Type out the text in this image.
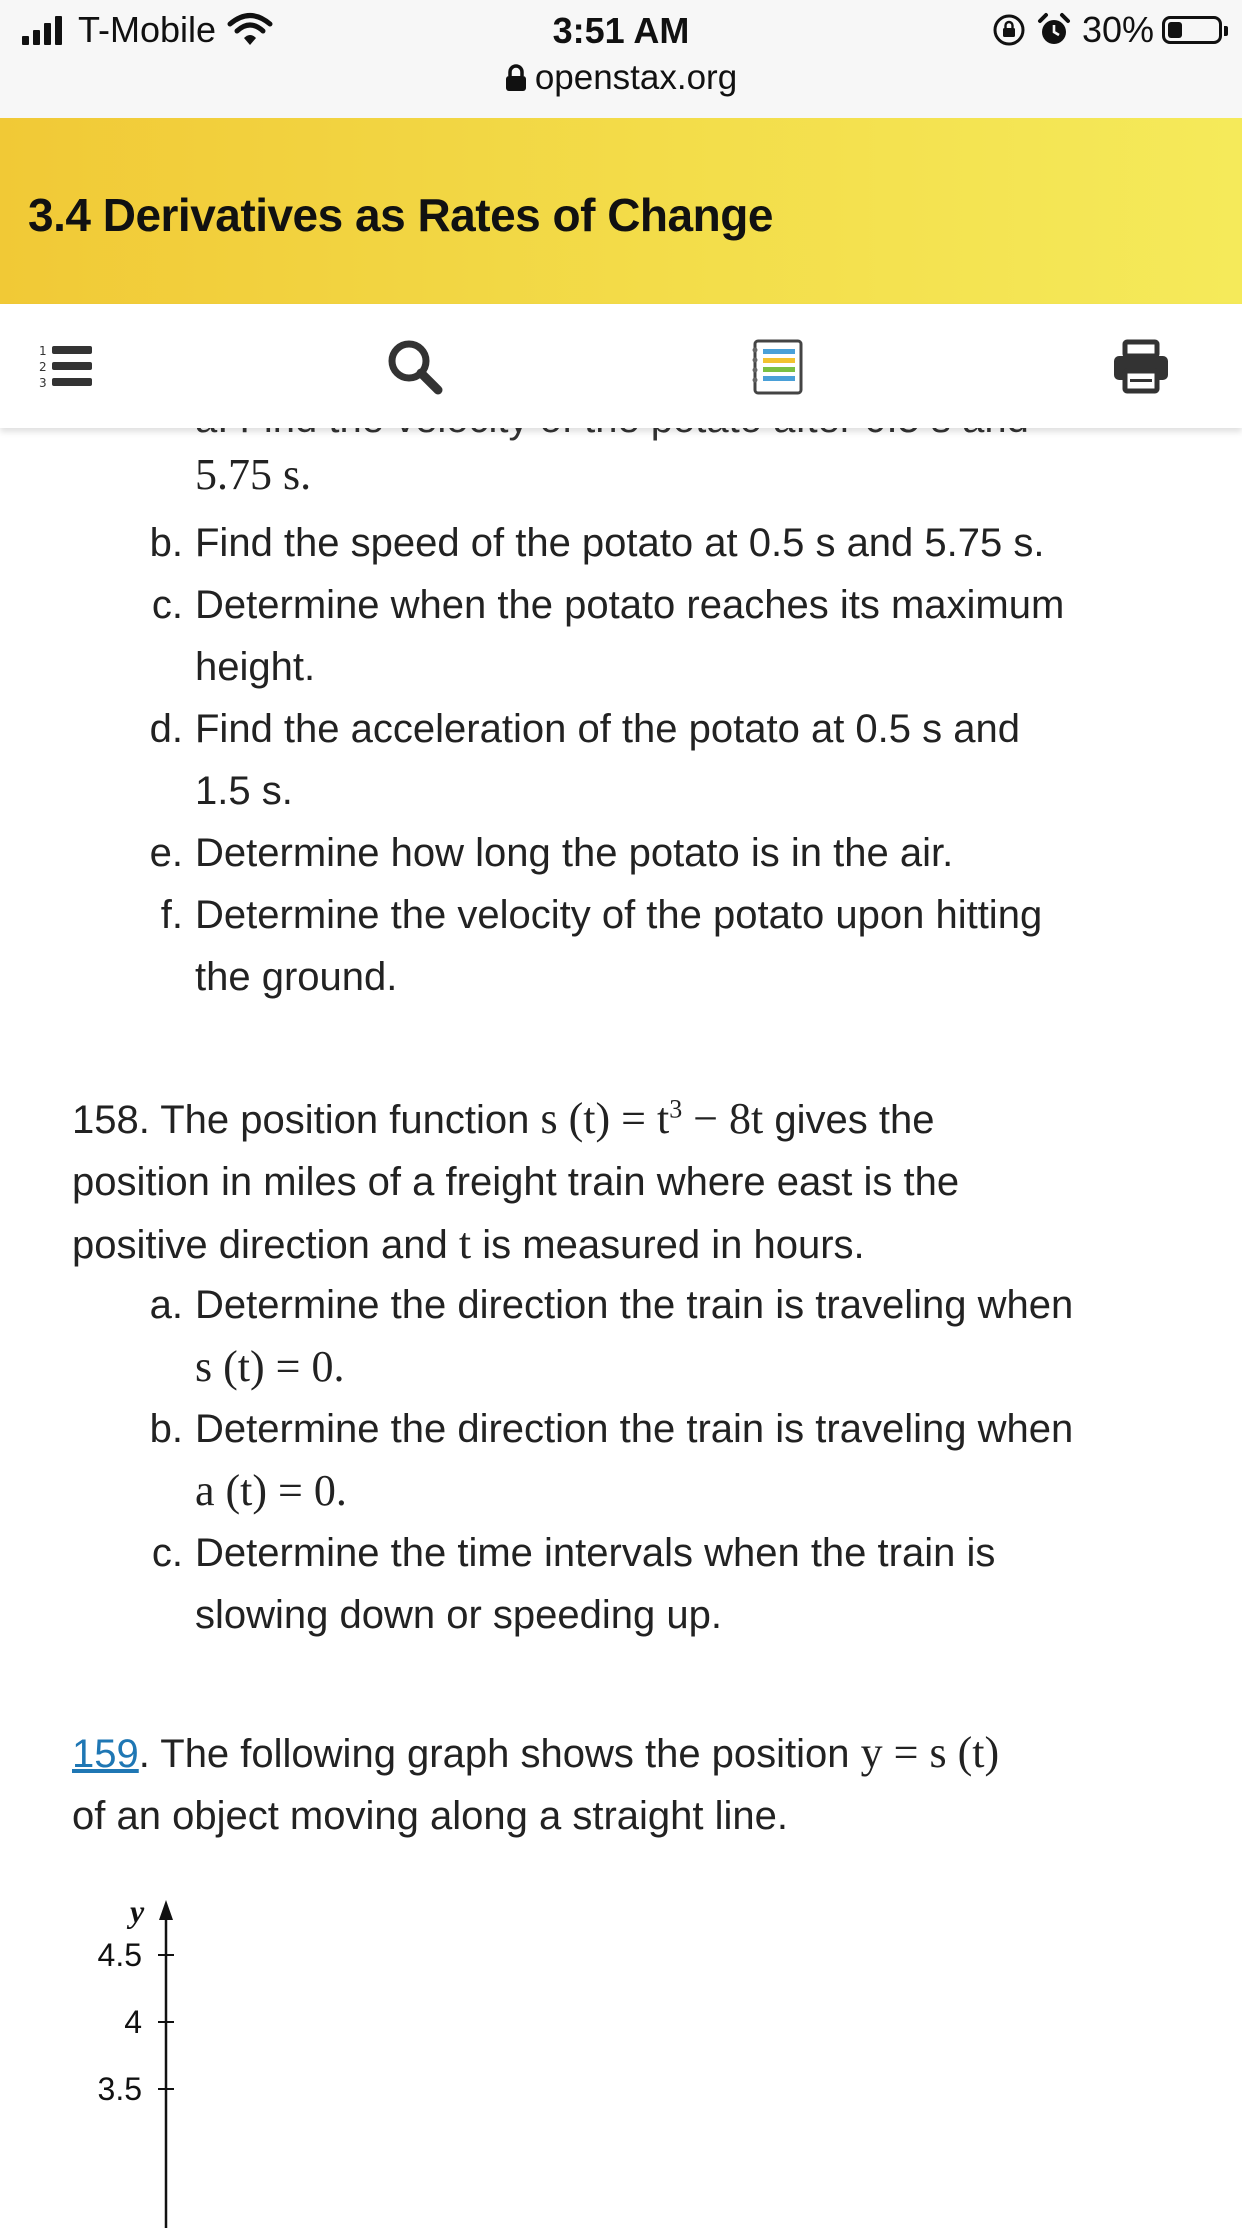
T-Mobile	3:51 AM
openstax.org
30%
3.4 Derivatives as Rates of Change
1
2
3
5.75 s.
b. Find the speed of the potato at 0.5 s and 5.75 s.
c. Determine when the potato reaches its maximum
height.
d. Find the acceleration of the potato at 0.5 s and
1.5 s.
e. Determine how long the potato is in the air.
f. Determine the velocity of the potato upon hitting
the ground.
158. The position function s $(t) = t^3 - 8t$ gives the
position in miles of a freight train where east is the
positive direction and t is measured in hours.
a. Determine the direction the train is traveling when
s (t) = 0.
b. Determine the direction the train is traveling when
a (t) = 0.
c. Determine the time intervals when the train is
slowing down or speeding up.
159. The following graph shows the position y = s (t)
of an object moving along a straight line.
y
4.5
4
3.5
